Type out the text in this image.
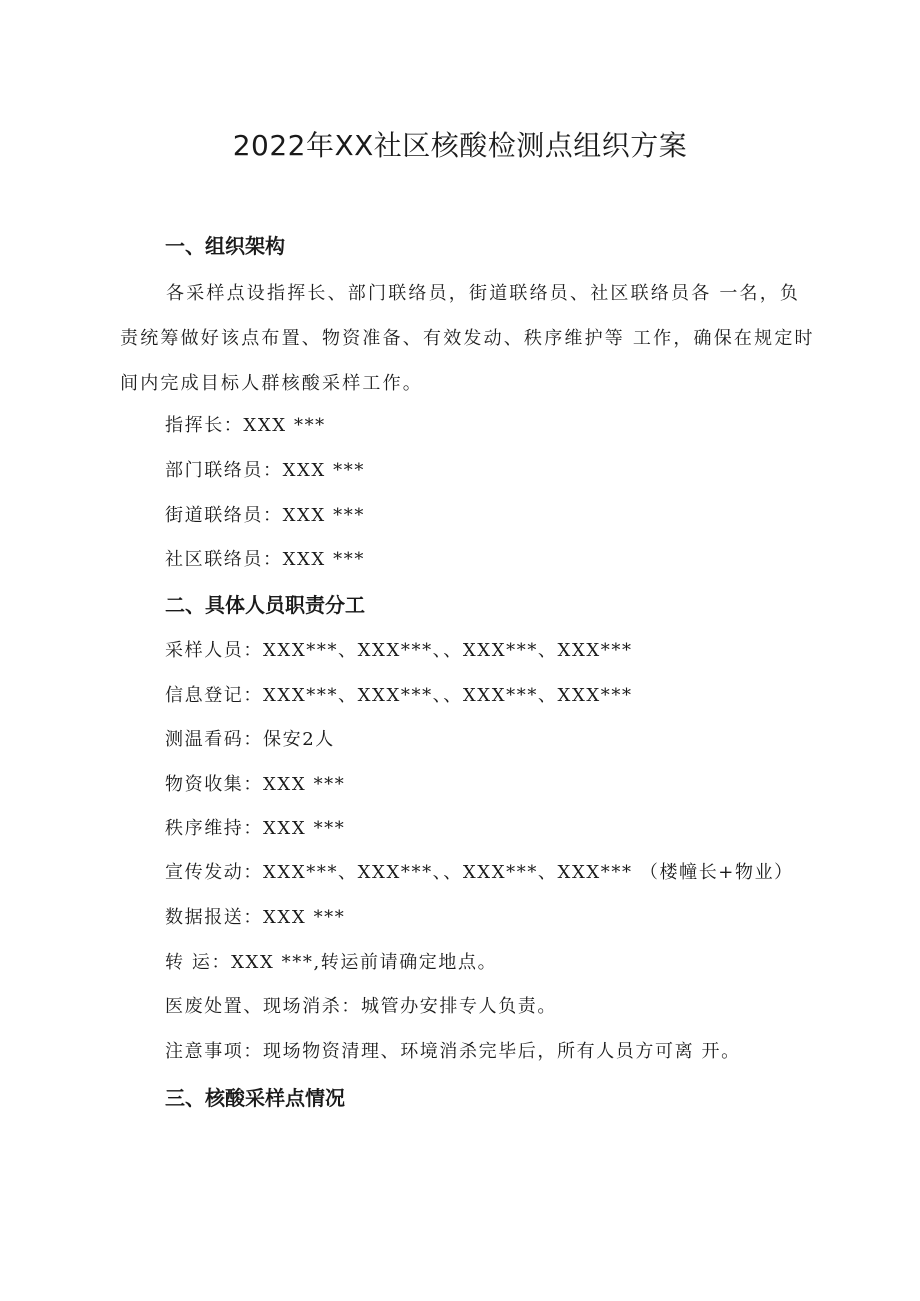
2022年XX社区核酸检测点组织方案
一、组织架构

各采样点设指挥长、部门联络员，街道联络员、社区联络员各 一名，负责统筹做好该点布置、物资准备、有效发动、秩序维护等 工作，确保在规定时间内完成目标人群核酸采样工作。

指挥长：XXX ***

部门联络员：XXX ***

街道联络员：XXX ***

社区联络员：XXX ***

二、具体人员职责分工

采样人员：XXX***、XXX***、、XXX***、XXX***

信息登记：XXX***、XXX***、、XXX***、XXX***

测温看码：保安2人

物资收集：XXX ***

秩序维持：XXX ***

宣传发动：XXX***、XXX***、、XXX***、XXX*** （楼幢长+物业）

数据报送：XXX ***

转 运：XXX ***,转运前请确定地点。

医废处置、现场消杀：城管办安排专人负责。

注意事项：现场物资清理、环境消杀完毕后，所有人员方可离 开。

三、核酸采样点情况
